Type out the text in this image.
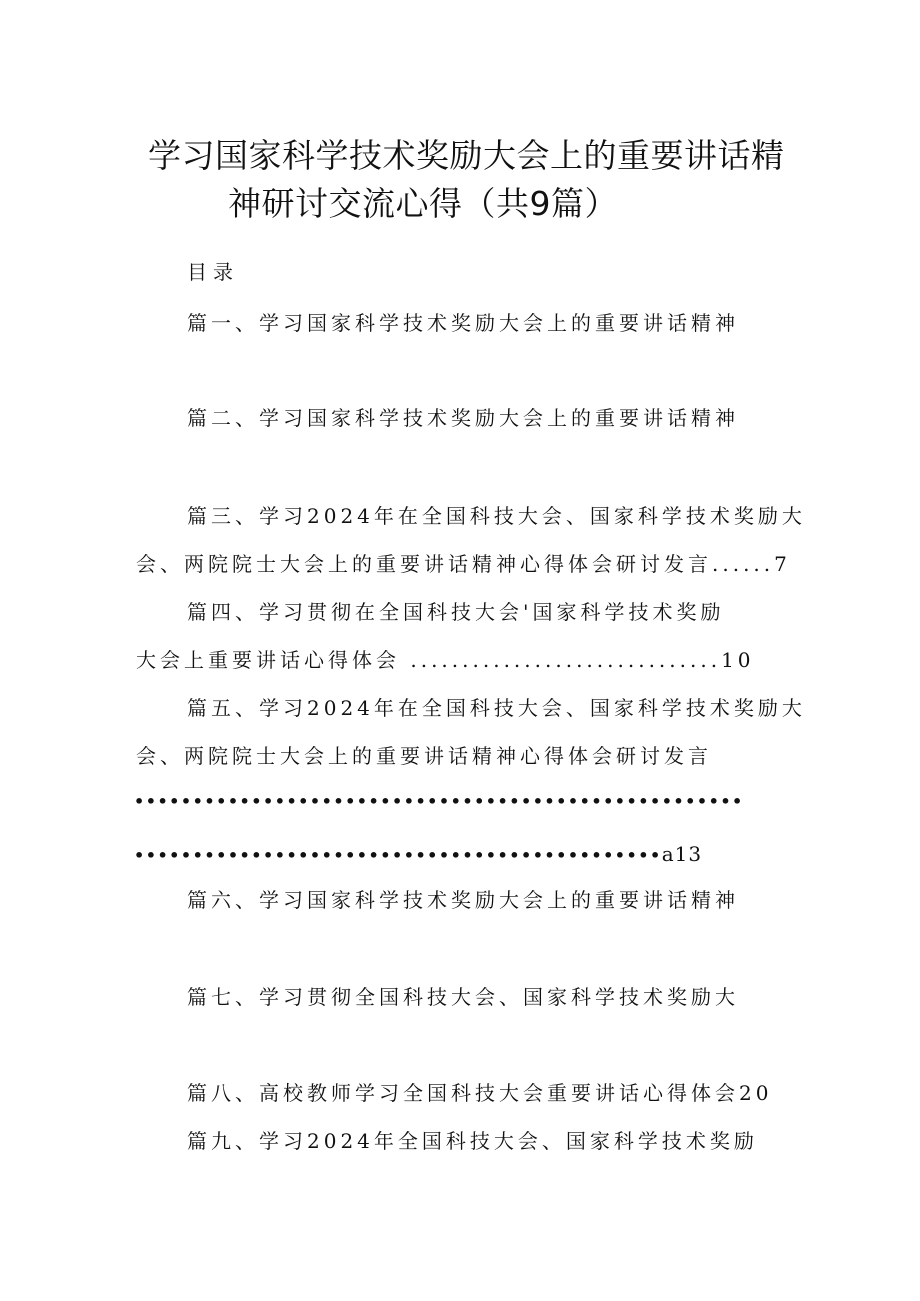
学习国家科学技术奖励大会上的重要讲话精
神研讨交流心得（共9篇）
目录
篇一、学习国家科学技术奖励大会上的重要讲话精神
篇二、学习国家科学技术奖励大会上的重要讲话精神
篇三、学习2024年在全国科技大会、国家科学技术奖励大
会、两院院士大会上的重要讲话精神心得体会研讨发言......7
篇四、学习贯彻在全国科技大会'国家科学技术奖励
大会上重要讲话心得体会 ..............................10
篇五、学习2024年在全国科技大会、国家科学技术奖励大
会、两院院士大会上的重要讲话精神心得体会研讨发言
••••••••••••••••••••••••••••••••••••••••••••••••••••
•••••••••••••••••••••••••••••••••••••••••••••a13
篇六、学习国家科学技术奖励大会上的重要讲话精神
篇七、学习贯彻全国科技大会、国家科学技术奖励大
篇八、高校教师学习全国科技大会重要讲话心得体会20
篇九、学习2024年全国科技大会、国家科学技术奖励
